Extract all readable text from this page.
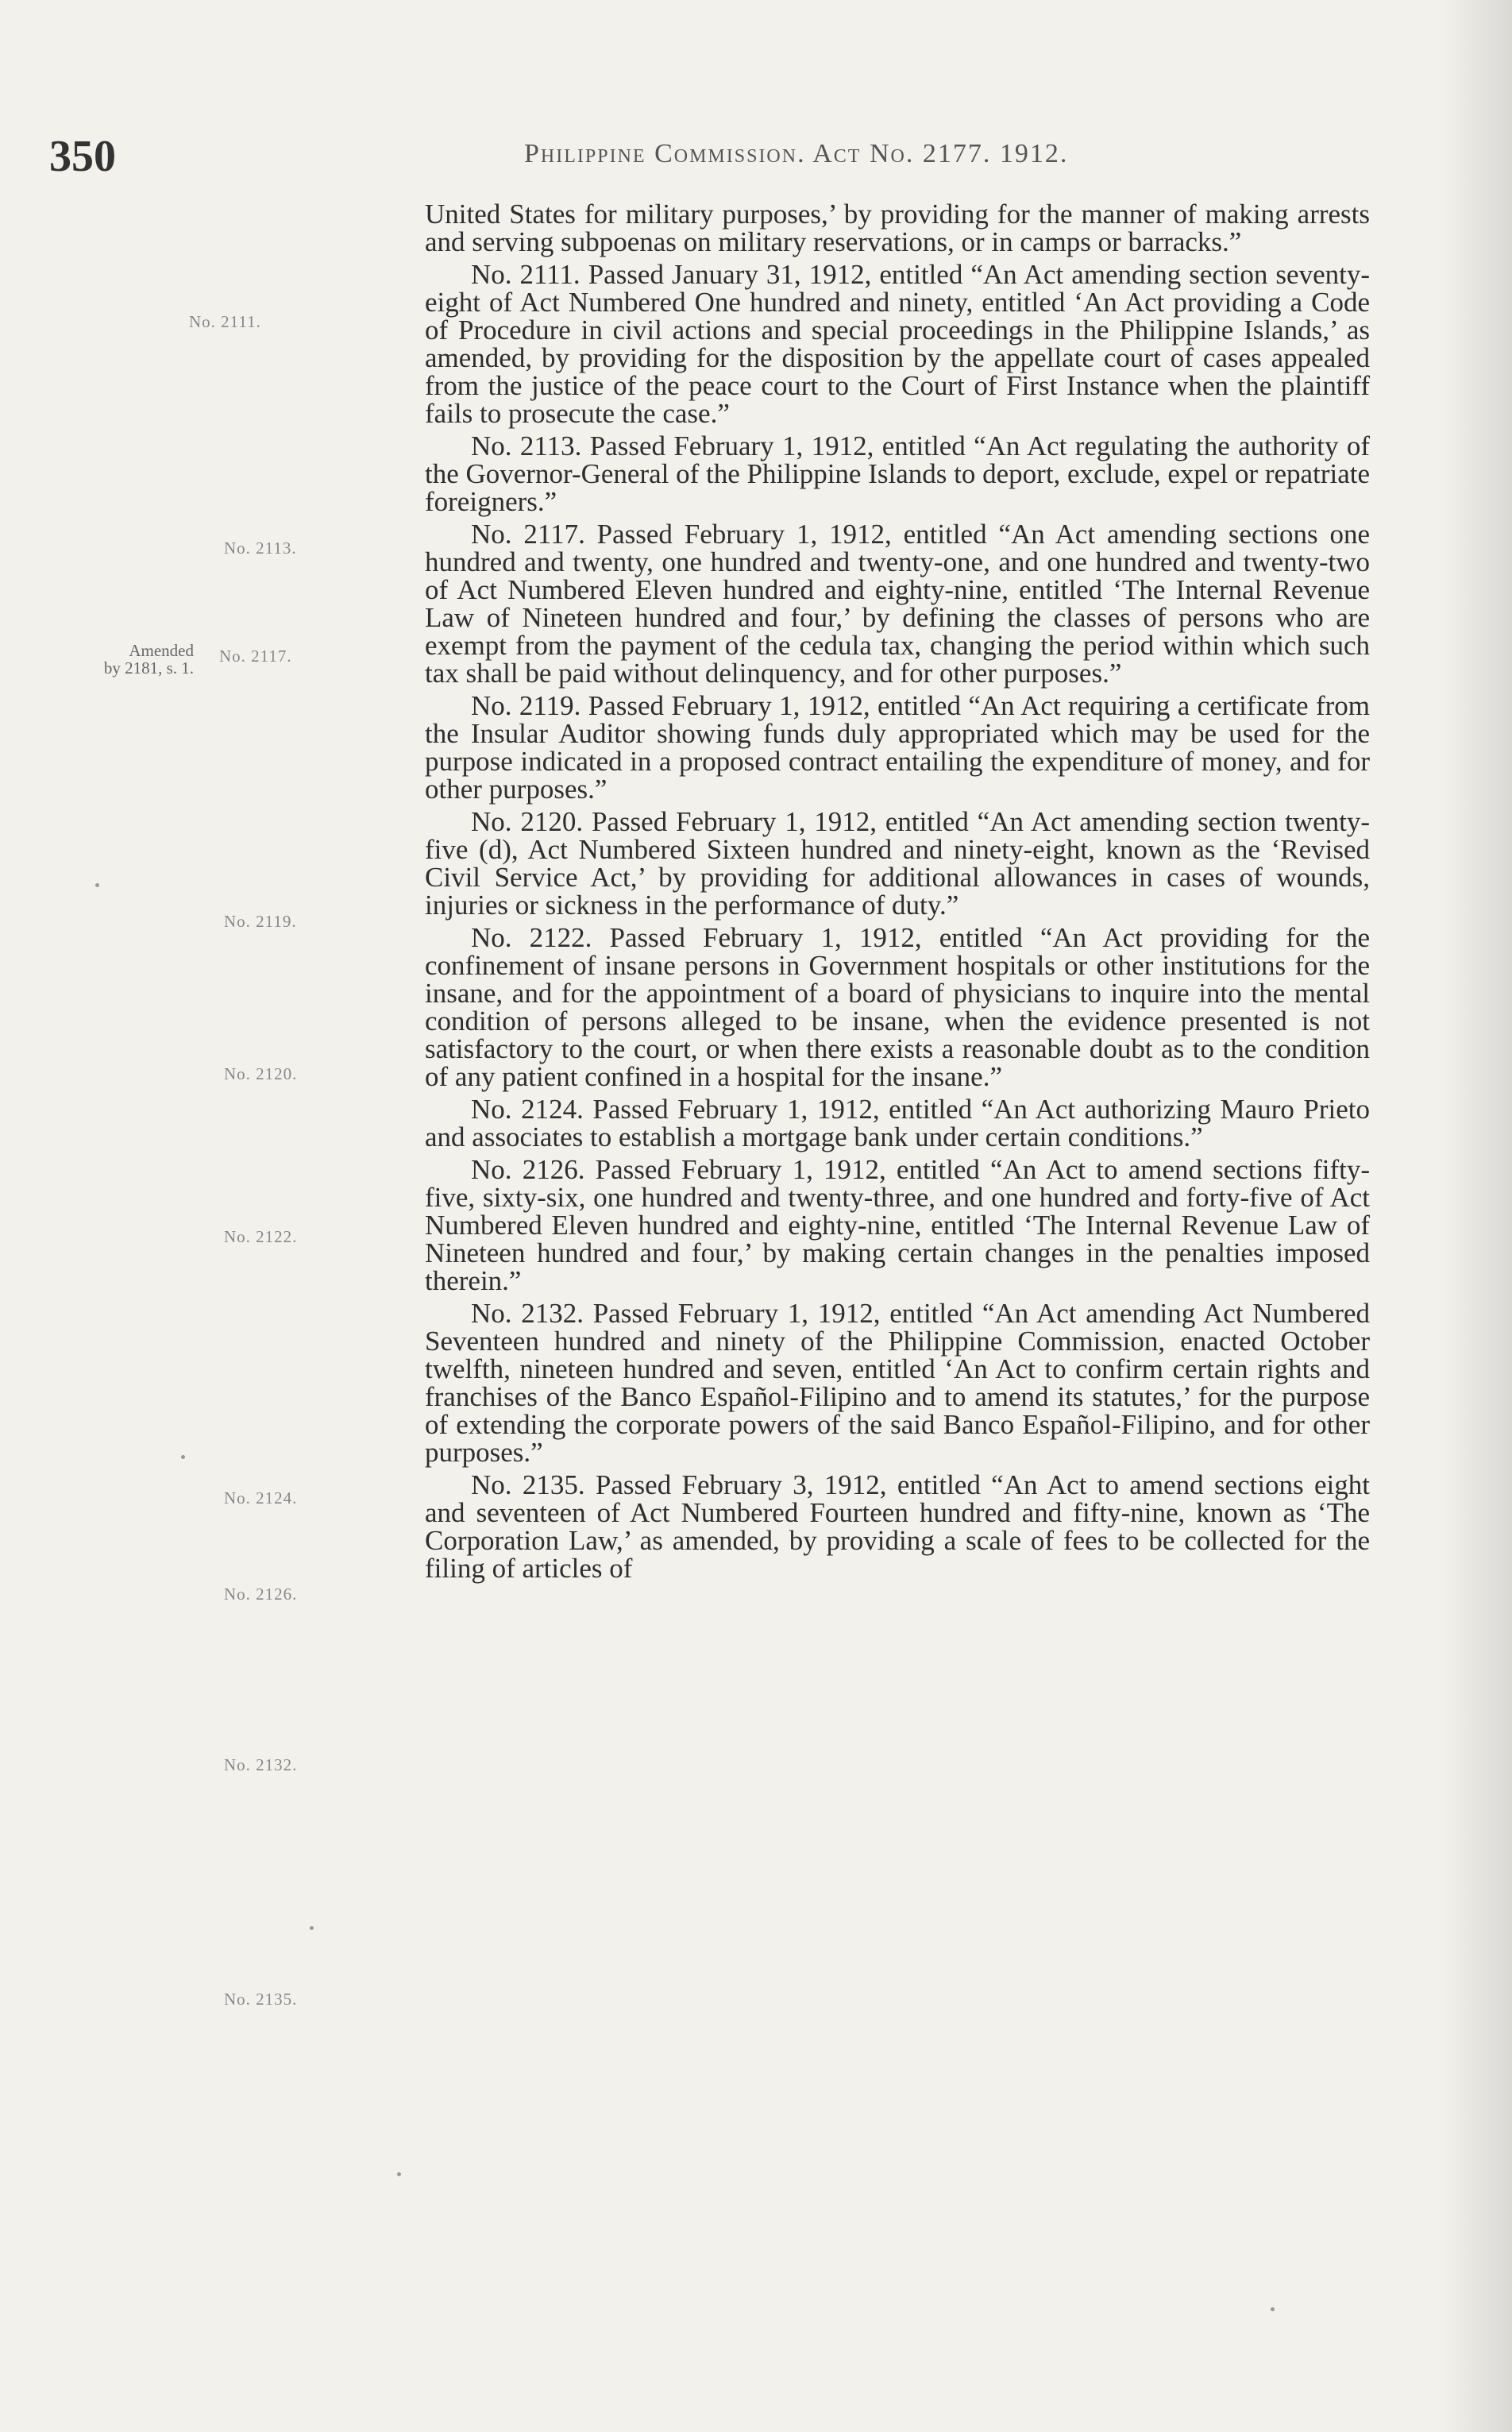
350	Philippine Commission. Act No. 2177. 1912.
No. 2111.
No. 2113.
Amended
by 2181, s. 1.
No. 2117.
No. 2119.
No. 2120.
No. 2122.
No. 2124.
No. 2126.
No. 2132.
No. 2135.

United States for military purposes,’ by providing for the manner of making arrests and serving subpoenas on military reservations, or in camps or barracks.”

No. 2111. Passed January 31, 1912, entitled “An Act amending section seventy-eight of Act Numbered One hundred and ninety, entitled ‘An Act providing a Code of Procedure in civil actions and special proceedings in the Philippine Islands,’ as amended, by providing for the disposition by the appellate court of cases appealed from the justice of the peace court to the Court of First Instance when the plaintiff fails to prosecute the case.”

No. 2113. Passed February 1, 1912, entitled “An Act regulating the authority of the Governor-General of the Philippine Islands to deport, exclude, expel or repatriate foreigners.”

No. 2117. Passed February 1, 1912, entitled “An Act amending sections one hundred and twenty, one hundred and twenty-one, and one hundred and twenty-two of Act Numbered Eleven hundred and eighty-nine, entitled ‘The Internal Revenue Law of Nineteen hundred and four,’ by defining the classes of persons who are exempt from the payment of the cedula tax, changing the period within which such tax shall be paid without delinquency, and for other purposes.”

No. 2119. Passed February 1, 1912, entitled “An Act requiring a certificate from the Insular Auditor showing funds duly appropriated which may be used for the purpose indicated in a proposed contract entailing the expenditure of money, and for other purposes.”

No. 2120. Passed February 1, 1912, entitled “An Act amending section twenty-five (d), Act Numbered Sixteen hundred and ninety-eight, known as the ‘Revised Civil Service Act,’ by providing for additional allowances in cases of wounds, injuries or sickness in the performance of duty.”

No. 2122. Passed February 1, 1912, entitled “An Act providing for the confinement of insane persons in Government hospitals or other institutions for the insane, and for the appointment of a board of physicians to inquire into the mental condition of persons alleged to be insane, when the evidence presented is not satisfactory to the court, or when there exists a reasonable doubt as to the condition of any patient confined in a hospital for the insane.”

No. 2124. Passed February 1, 1912, entitled “An Act authorizing Mauro Prieto and associates to establish a mortgage bank under certain conditions.”

No. 2126. Passed February 1, 1912, entitled “An Act to amend sections fifty-five, sixty-six, one hundred and twenty-three, and one hundred and forty-five of Act Numbered Eleven hundred and eighty-nine, entitled ‘The Internal Revenue Law of Nineteen hundred and four,’ by making certain changes in the penalties imposed therein.”

No. 2132. Passed February 1, 1912, entitled “An Act amending Act Numbered Seventeen hundred and ninety of the Philippine Commission, enacted October twelfth, nineteen hundred and seven, entitled ‘An Act to confirm certain rights and franchises of the Banco Español-Filipino and to amend its statutes,’ for the purpose of extending the corporate powers of the said Banco Español-Filipino, and for other purposes.”

No. 2135. Passed February 3, 1912, entitled “An Act to amend sections eight and seventeen of Act Numbered Fourteen hundred and fifty-nine, known as ‘The Corporation Law,’ as amended, by providing a scale of fees to be collected for the filing of articles of
